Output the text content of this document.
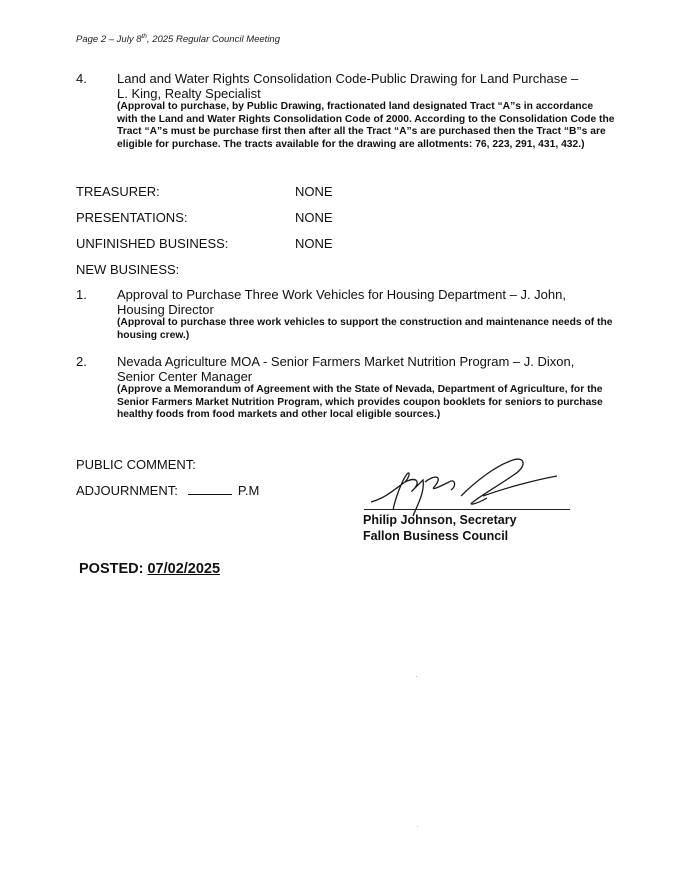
Page 2 – July 8th, 2025 Regular Council Meeting
4. Land and Water Rights Consolidation Code-Public Drawing for Land Purchase –
L. King, Realty Specialist
(Approval to purchase, by Public Drawing, fractionated land designated Tract “A”s in accordance with the Land and Water Rights Consolidation Code of 2000. According to the Consolidation Code the Tract “A”s must be purchase first then after all the Tract “A”s are purchased then the Tract “B”s are eligible for purchase. The tracts available for the drawing are allotments: 76, 223, 291, 431, 432.)
TREASURER:	NONE
PRESENTATIONS:	NONE
UNFINISHED BUSINESS:	NONE
NEW BUSINESS:
1. Approval to Purchase Three Work Vehicles for Housing Department – J. John,
Housing Director
(Approval to purchase three work vehicles to support the construction and maintenance needs of the housing crew.)
2. Nevada Agriculture MOA - Senior Farmers Market Nutrition Program – J. Dixon,
Senior Center Manager
(Approve a Memorandum of Agreement with the State of Nevada, Department of Agriculture, for the Senior Farmers Market Nutrition Program, which provides coupon booklets for seniors to purchase healthy foods from food markets and other local eligible sources.)
PUBLIC COMMENT:
ADJOURNMENT:	P.M
Philip Johnson, Secretary
Fallon Business Council
POSTED: 07/02/2025
